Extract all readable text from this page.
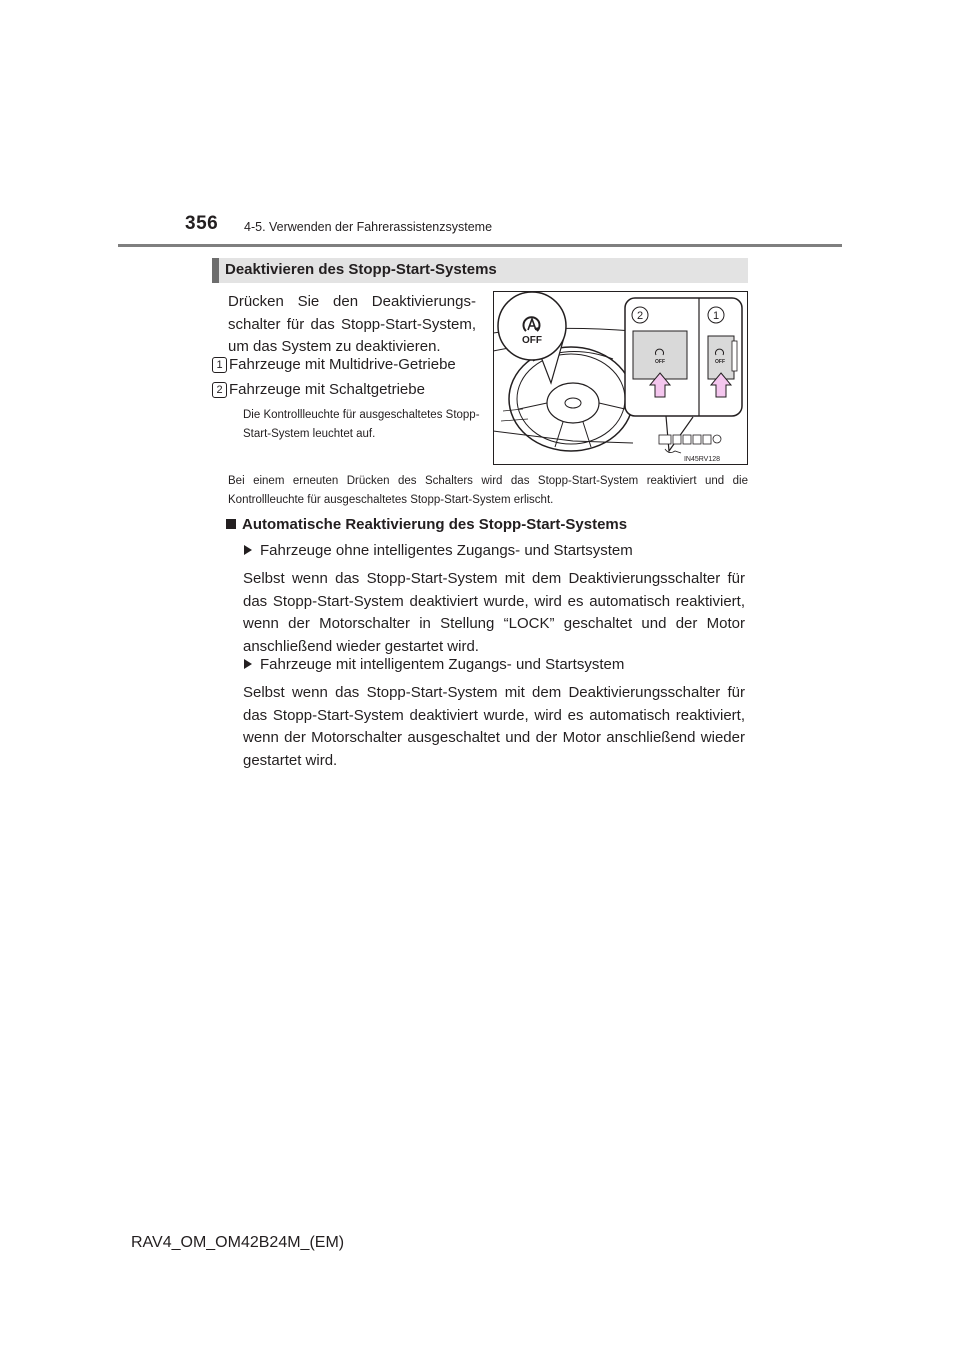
356 4-5. Verwenden der Fahrerassistenzsysteme
Deaktivieren des Stopp-Start-Systems
Drücken Sie den Deaktivierungs-schalter für das Stopp-Start-System, um das System zu deaktivieren.
1 Fahrzeuge mit Multidrive-Getriebe
2 Fahrzeuge mit Schaltgetriebe
Die Kontrollleuchte für ausgeschaltetes Stopp-Start-System leuchtet auf.
Bei einem erneuten Drücken des Schalters wird das Stopp-Start-System reaktiviert und die Kontrollleuchte für ausgeschaltetes Stopp-Start-System erlischt.
OFF
2	1
OFF	OFF
IN45RV128
Automatische Reaktivierung des Stopp-Start-Systems
Fahrzeuge ohne intelligentes Zugangs- und Startsystem
Selbst wenn das Stopp-Start-System mit dem Deaktivierungsschalter für das Stopp-Start-System deaktiviert wurde, wird es automatisch reaktiviert, wenn der Motorschalter in Stellung “LOCK” geschaltet und der Motor anschließend wieder gestartet wird.
Fahrzeuge mit intelligentem Zugangs- und Startsystem
Selbst wenn das Stopp-Start-System mit dem Deaktivierungsschalter für das Stopp-Start-System deaktiviert wurde, wird es automatisch reaktiviert, wenn der Motorschalter ausgeschaltet und der Motor anschließend wieder gestartet wird.
RAV4_OM_OM42B24M_(EM)
